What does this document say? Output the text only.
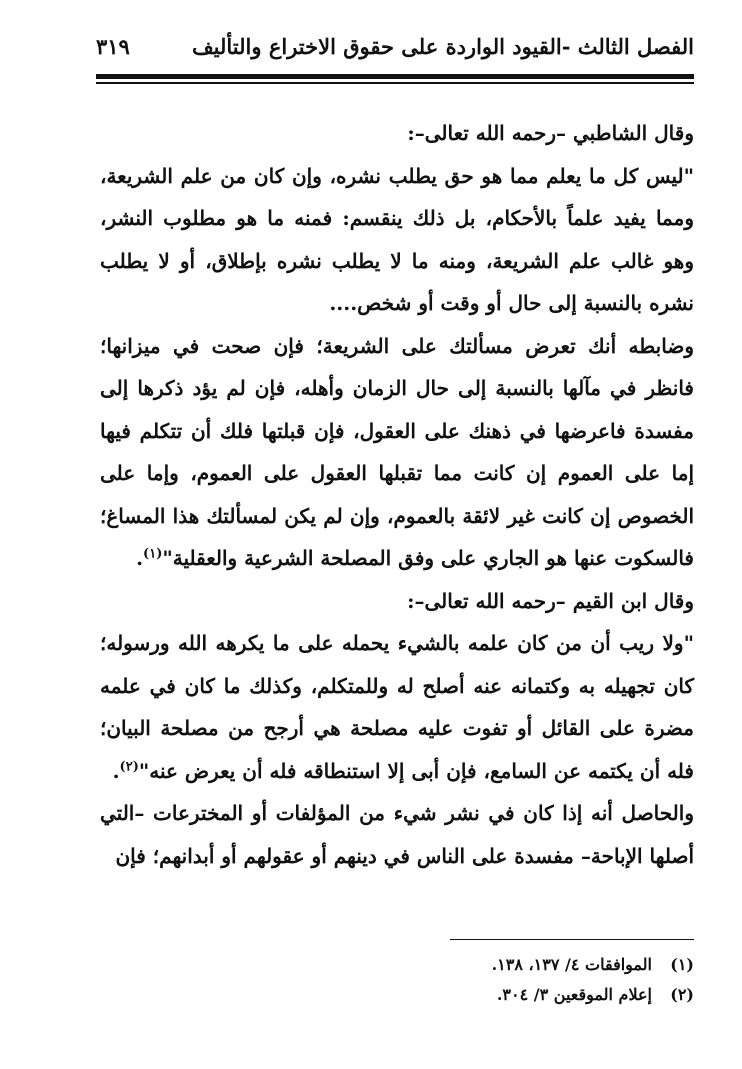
الفصل الثالث -القيود الواردة على حقوق الاختراع والتأليف
٣١٩

وقال الشاطبي –رحمه الله تعالى–:

"ليس كل ما يعلم مما هو حق يطلب نشره، وإن كان من علم الشريعة، ومما يفيد علماً بالأحكام، بل ذلك ينقسم: فمنه ما هو مطلوب النشر، وهو غالب علم الشريعة، ومنه ما لا يطلب نشره بإطلاق، أو لا يطلب نشره بالنسبة إلى حال أو وقت أو شخص....

وضابطه أنك تعرض مسألتك على الشريعة؛ فإن صحت في ميزانها؛ فانظر في مآلها بالنسبة إلى حال الزمان وأهله، فإن لم يؤد ذكرها إلى مفسدة فاعرضها في ذهنك على العقول، فإن قبلتها فلك أن تتكلم فيها إما على العموم إن كانت مما تقبلها العقول على العموم، وإما على الخصوص إن كانت غير لائقة بالعموم، وإن لم يكن لمسألتك هذا المساغ؛ فالسكوت عنها هو الجاري على وفق المصلحة الشرعية والعقلية"$^{(١)}$.

وقال ابن القيم –رحمه الله تعالى–:

"ولا ريب أن من كان علمه بالشيء يحمله على ما يكرهه الله ورسوله؛ كان تجهيله به وكتمانه عنه أصلح له وللمتكلم، وكذلك ما كان في علمه مضرة على القائل أو تفوت عليه مصلحة هي أرجح من مصلحة البيان؛ فله أن يكتمه عن السامع، فإن أبى إلا استنطاقه فله أن يعرض عنه"$^{(٢)}$.

والحاصل أنه إذا كان في نشر شيء من المؤلفات أو المخترعات –التي أصلها الإباحة– مفسدة على الناس في دينهم أو عقولهم أو أبدانهم؛ فإن

(١)الموافقات ٤/ ١٣٧، ١٣٨.

(٢)إعلام الموقعين ٣/ ٣٠٤.
